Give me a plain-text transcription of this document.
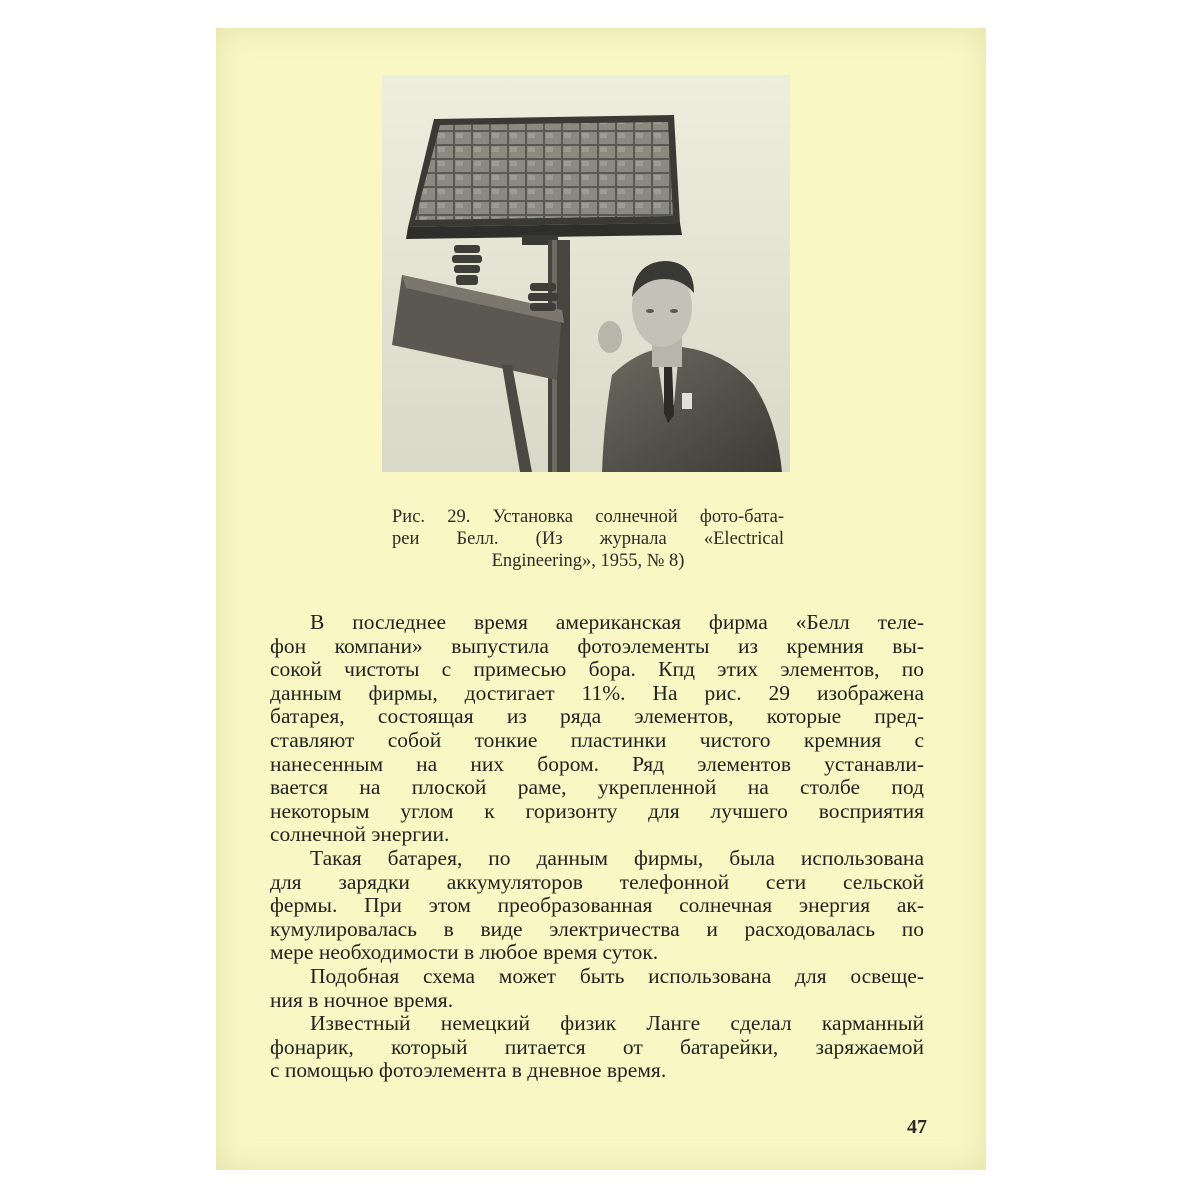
Рис. 29. Установка солнечной фото-бата-
реи Белл. (Из журнала «Electrical
Engineering», 1955, № 8)
В последнее время американская фирма «Белл теле-
фон компани» выпустила фотоэлементы из кремния вы-
сокой чистоты с примесью бора. Кпд этих элементов, по
данным фирмы, достигает 11%. На рис. 29 изображена
батарея, состоящая из ряда элементов, которые пред-
ставляют собой тонкие пластинки чистого кремния с
нанесенным на них бором. Ряд элементов устанавли-
вается на плоской раме, укрепленной на столбе под
некоторым углом к горизонту для лучшего восприятия
солнечной энергии.
Такая батарея, по данным фирмы, была использована
для зарядки аккумуляторов телефонной сети сельской
фермы. При этом преобразованная солнечная энергия ак-
кумулировалась в виде электричества и расходовалась по
мере необходимости в любое время суток.
Подобная схема может быть использована для освеще-
ния в ночное время.
Известный немецкий физик Ланге сделал карманный
фонарик, который питается от батарейки, заряжаемой
с помощью фотоэлемента в дневное время.
47
